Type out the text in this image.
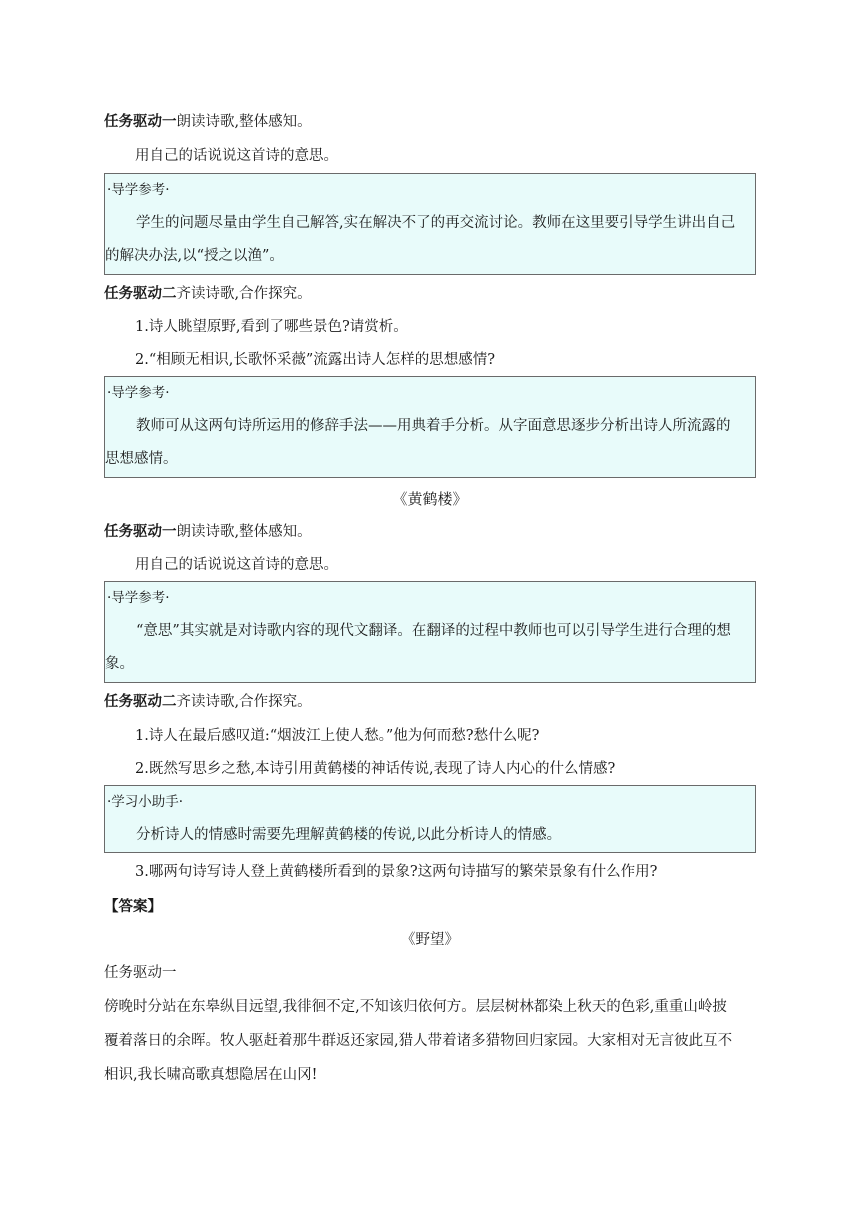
任务驱动一朗读诗歌,整体感知。
用自己的话说说这首诗的意思。
·导学参考·
学生的问题尽量由学生自己解答,实在解决不了的再交流讨论。教师在这里要引导学生讲出自己
的解决办法,以“授之以渔”。
任务驱动二齐读诗歌,合作探究。
1.诗人眺望原野,看到了哪些景色?请赏析。
2.“相顾无相识,长歌怀采薇”流露出诗人怎样的思想感情?
·导学参考·
教师可从这两句诗所运用的修辞手法——用典着手分析。从字面意思逐步分析出诗人所流露的
思想感情。
《黄鹤楼》
任务驱动一朗读诗歌,整体感知。
用自己的话说说这首诗的意思。
·导学参考·
“意思”其实就是对诗歌内容的现代文翻译。在翻译的过程中教师也可以引导学生进行合理的想
象。
任务驱动二齐读诗歌,合作探究。
1.诗人在最后感叹道:“烟波江上使人愁。”他为何而愁?愁什么呢?
2.既然写思乡之愁,本诗引用黄鹤楼的神话传说,表现了诗人内心的什么情感?
·学习小助手·
分析诗人的情感时需要先理解黄鹤楼的传说,以此分析诗人的情感。
3.哪两句诗写诗人登上黄鹤楼所看到的景象?这两句诗描写的繁荣景象有什么作用?
【答案】
《野望》
任务驱动一
傍晚时分站在东皋纵目远望,我徘徊不定,不知该归依何方。层层树林都染上秋天的色彩,重重山岭披
覆着落日的余晖。牧人驱赶着那牛群返还家园,猎人带着诸多猎物回归家园。大家相对无言彼此互不
相识,我长啸高歌真想隐居在山冈!
